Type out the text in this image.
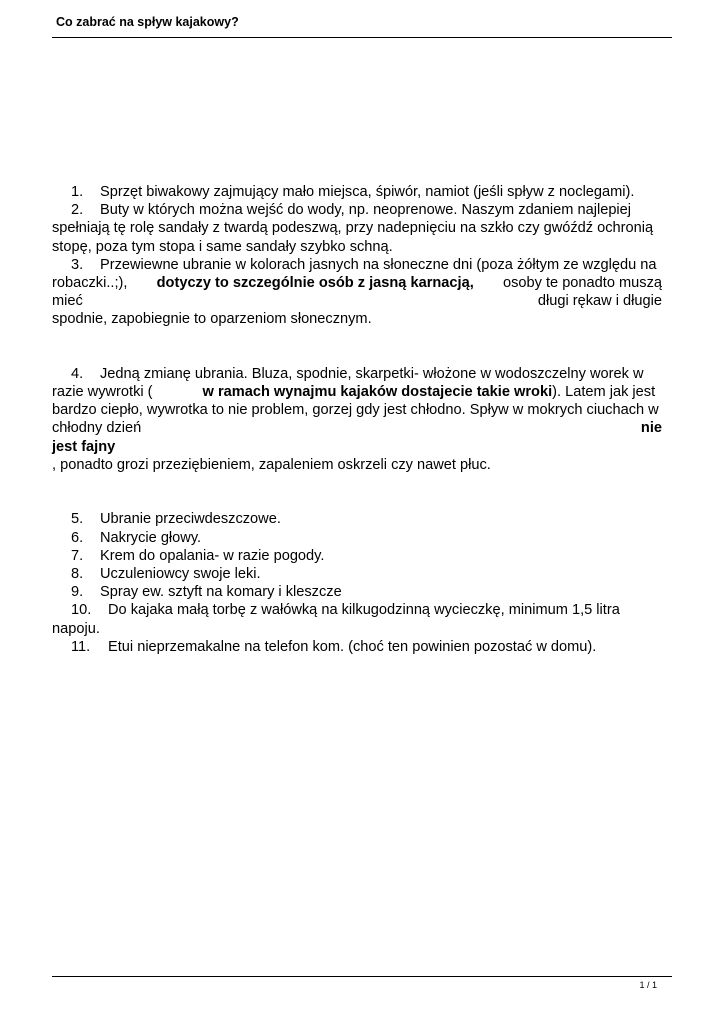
Co zabrać na spływ kajakowy?
1. Sprzęt biwakowy zajmujący mało miejsca, śpiwór, namiot (jeśli spływ z noclegami).
2. Buty w których można wejść do wody, np. neoprenowe. Naszym zdaniem najlepiej
spełniają tę rolę sandały z twardą podeszwą, przy nadepnięciu na szkło czy gwóźdź ochronią
stopę, poza tym stopa i same sandały szybko schną.
3. Przewiewne ubranie w kolorach jasnych na słoneczne dni (poza żółtym ze względu na
robaczki..;), dotyczy to szczególnie osób z jasną karnacją, osoby te ponadto muszą
mieć	długi rękaw i długie
spodnie, zapobiegnie to oparzeniom słonecznym.
4. Jedną zmianę ubrania. Bluza, spodnie, skarpetki- włożone w wodoszczelny worek w
razie wywrotki (	w ramach wynajmu kajaków dostajecie takie wroki). Latem jak jest
bardzo ciepło, wywrotka to nie problem, gorzej gdy jest chłodno. Spływ w mokrych ciuchach w
chłodny dzień	nie
jest fajny
, ponadto grozi przeziębieniem, zapaleniem oskrzeli czy nawet płuc.
5. Ubranie przeciwdeszczowe.
6. Nakrycie głowy.
7. Krem do opalania- w razie pogody.
8. Uczuleniowcy swoje leki.
9. Spray ew. sztyft na komary i kleszcze
10. Do kajaka małą torbę z wałówką na kilkugodzinną wycieczkę, minimum 1,5 litra
napoju.
11. Etui nieprzemakalne na telefon kom. (choć ten powinien pozostać w domu).
1 / 1
